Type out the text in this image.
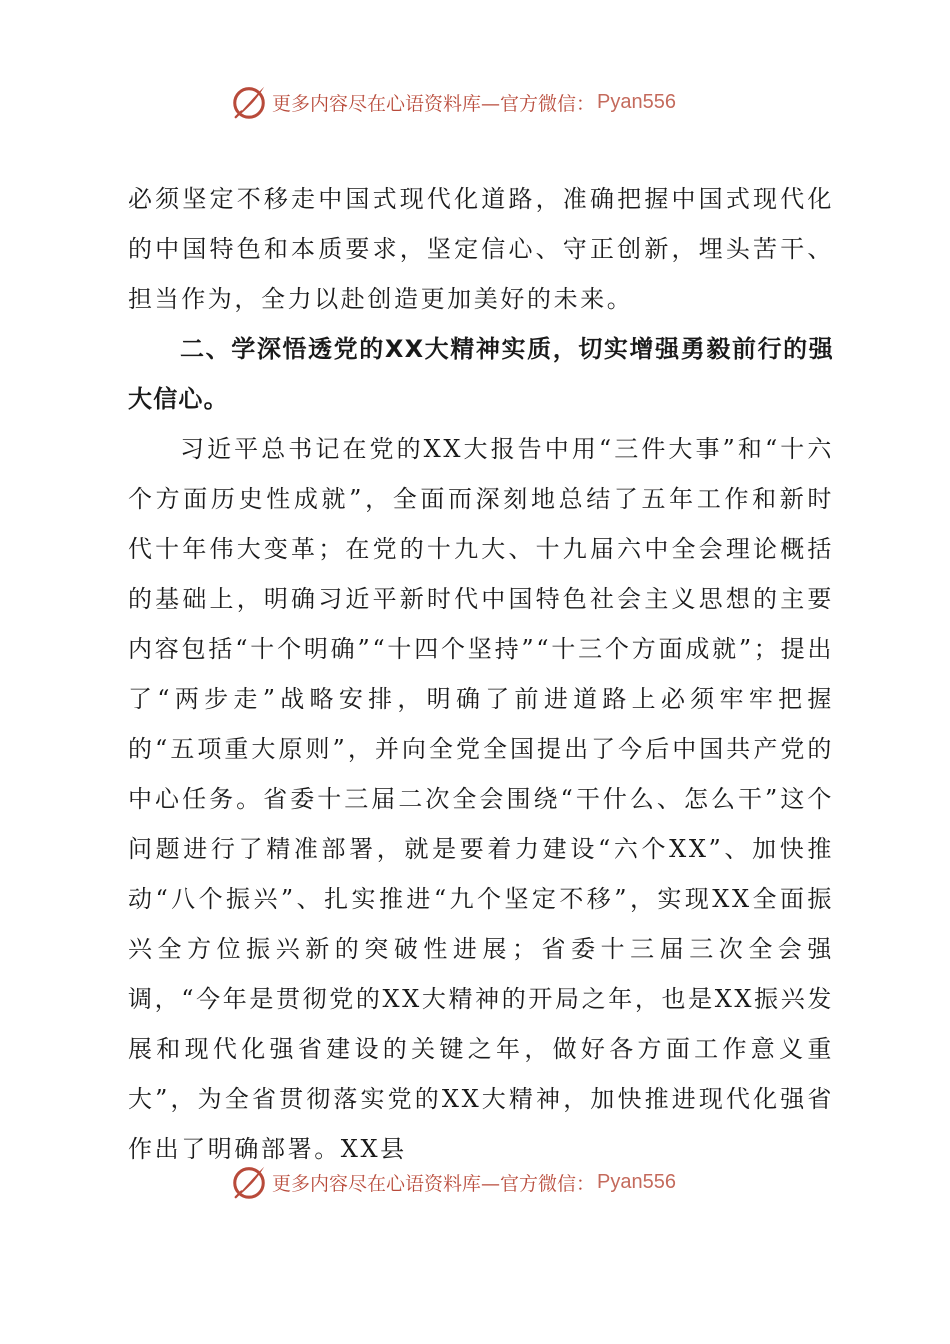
更多内容尽在心语资料库—官方微信： Pyan556

必须坚定不移走中国式现代化道路，准确把握中国式现代化的中国特色和本质要求，坚定信心、守正创新，埋头苦干、担当作为，全力以赴创造更加美好的未来。

二、学深悟透党的XX大精神实质，切实增强勇毅前行的强大信心。

习近平总书记在党的XX大报告中用“三件大事”和“十六个方面历史性成就”，全面而深刻地总结了五年工作和新时代十年伟大变革；在党的十九大、十九届六中全会理论概括的基础上，明确习近平新时代中国特色社会主义思想的主要内容包括“十个明确”“十四个坚持”“十三个方面成就”；提出了“两步走”战略安排，明确了前进道路上必须牢牢把握的“五项重大原则”，并向全党全国提出了今后中国共产党的中心任务。省委十三届二次全会围绕“干什么、怎么干”这个问题进行了精准部署，就是要着力建设“六个XX”、加快推动“八个振兴”、扎实推进“九个坚定不移”，实现XX全面振兴全方位振兴新的突破性进展；省委十三届三次全会强调，“今年是贯彻党的XX大精神的开局之年，也是XX振兴发展和现代化强省建设的关键之年，做好各方面工作意义重大”，为全省贯彻落实党的XX大精神，加快推进现代化强省作出了明确部署。XX县

更多内容尽在心语资料库—官方微信： Pyan556
